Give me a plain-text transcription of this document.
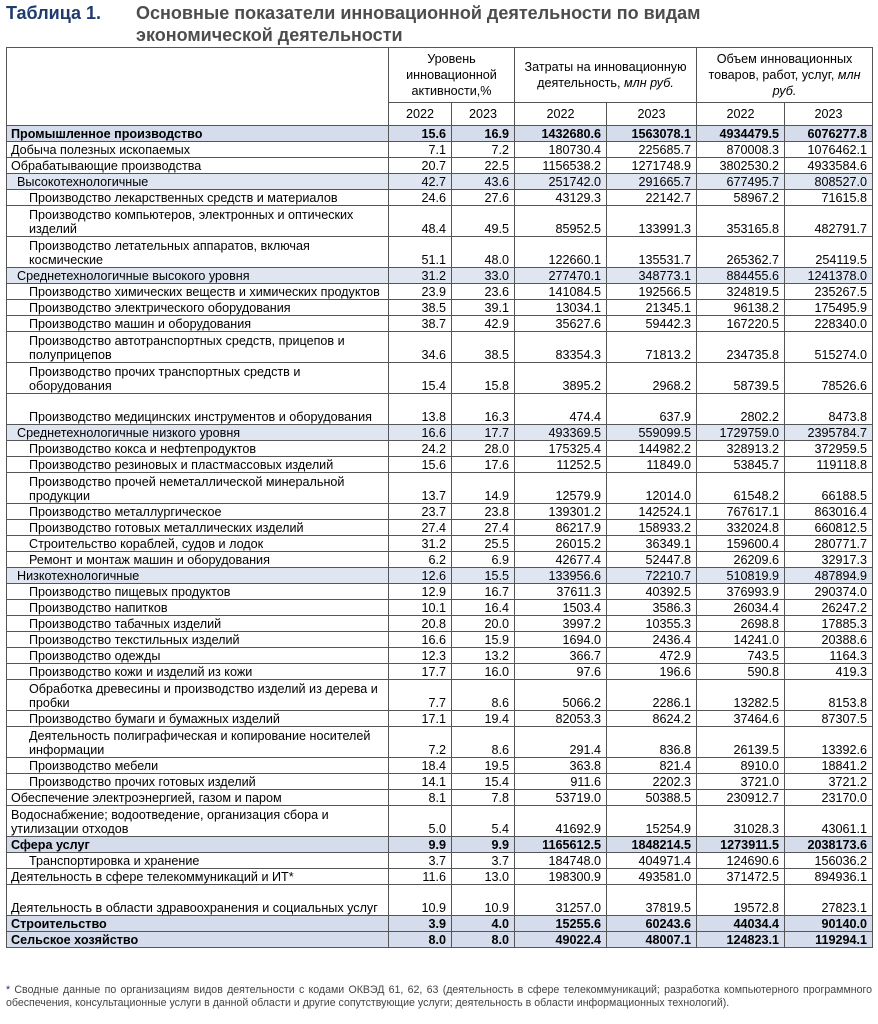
Таблица 1.	Основные показатели инновационной деятельности по видам
экономической деятельности
	Уровень инновационной активности,%		Затраты на инновационную деятельность, млн руб.		Объем инновационных товаров, работ, услуг, млн руб.	
	2022	2023	2022	2023	2022	2023
Промышленное производство	15.6	16.9	1432680.6	1563078.1	4934479.5	6076277.8
Добыча полезных ископаемых	7.1	7.2	180730.4	225685.7	870008.3	1076462.1
Обрабатывающие производства	20.7	22.5	1156538.2	1271748.9	3802530.2	4933584.6
Высокотехнологичные	42.7	43.6	251742.0	291665.7	677495.7	808527.0
Производство лекарственных средств и материалов	24.6	27.6	43129.3	22142.7	58967.2	71615.8
Производство компьютеров, электронных и оптических изделий	48.4	49.5	85952.5	133991.3	353165.8	482791.7
Производство летательных аппаратов, включая космические	51.1	48.0	122660.1	135531.7	265362.7	254119.5
Среднетехнологичные высокого уровня	31.2	33.0	277470.1	348773.1	884455.6	1241378.0
Производство химических веществ и химических продуктов	23.9	23.6	141084.5	192566.5	324819.5	235267.5
Производство электрического оборудования	38.5	39.1	13034.1	21345.1	96138.2	175495.9
Производство машин и оборудования	38.7	42.9	35627.6	59442.3	167220.5	228340.0
Производство автотранспортных средств, прицепов и полуприцепов	34.6	38.5	83354.3	71813.2	234735.8	515274.0
Производство прочих транспортных средств и оборудования	15.4	15.8	3895.2	2968.2	58739.5	78526.6
Производство медицинских инструментов и оборудования	13.8	16.3	474.4	637.9	2802.2	8473.8
Среднетехнологичные низкого уровня	16.6	17.7	493369.5	559099.5	1729759.0	2395784.7
Производство кокса и нефтепродуктов	24.2	28.0	175325.4	144982.2	328913.2	372959.5
Производство резиновых и пластмассовых изделий	15.6	17.6	11252.5	11849.0	53845.7	119118.8
Производство прочей неметаллической минеральной продукции	13.7	14.9	12579.9	12014.0	61548.2	66188.5
Производство металлургическое	23.7	23.8	139301.2	142524.1	767617.1	863016.4
Производство готовых металлических изделий	27.4	27.4	86217.9	158933.2	332024.8	660812.5
Строительство кораблей, судов и лодок	31.2	25.5	26015.2	36349.1	159600.4	280771.7
Ремонт и монтаж машин и оборудования	6.2	6.9	42677.4	52447.8	26209.6	32917.3
Низкотехнологичные	12.6	15.5	133956.6	72210.7	510819.9	487894.9
Производство пищевых продуктов	12.9	16.7	37611.3	40392.5	376993.9	290374.0
Производство напитков	10.1	16.4	1503.4	3586.3	26034.4	26247.2
Производство табачных изделий	20.8	20.0	3997.2	10355.3	2698.8	17885.3
Производство текстильных изделий	16.6	15.9	1694.0	2436.4	14241.0	20388.6
Производство одежды	12.3	13.2	366.7	472.9	743.5	1164.3
Производство кожи и изделий из кожи	17.7	16.0	97.6	196.6	590.8	419.3
Обработка древесины и производство изделий из дерева и пробки	7.7	8.6	5066.2	2286.1	13282.5	8153.8
Производство бумаги и бумажных изделий	17.1	19.4	82053.3	8624.2	37464.6	87307.5
Деятельность полиграфическая и копирование носителей информации	7.2	8.6	291.4	836.8	26139.5	13392.6
Производство мебели	18.4	19.5	363.8	821.4	8910.0	18841.2
Производство прочих готовых изделий	14.1	15.4	911.6	2202.3	3721.0	3721.2
Обеспечение электроэнергией, газом и паром	8.1	7.8	53719.0	50388.5	230912.7	23170.0
Водоснабжение; водоотведение, организация сбора и утилизации отходов	5.0	5.4	41692.9	15254.9	31028.3	43061.1
Сфера услуг	9.9	9.9	1165612.5	1848214.5	1273911.5	2038173.6
Транспортировка и хранение	3.7	3.7	184748.0	404971.4	124690.6	156036.2
Деятельность в сфере телекоммуникаций и ИТ*	11.6	13.0	198300.9	493581.0	371472.5	894936.1
Деятельность в области здравоохранения и социальных услуг	10.9	10.9	31257.0	37819.5	19572.8	27823.1
Строительство	3.9	4.0	15255.6	60243.6	44034.4	90140.0
Сельское хозяйство	8.0	8.0	49022.4	48007.1	124823.1	119294.1
* Сводные данные по организациям видов деятельности с кодами ОКВЭД 61, 62, 63 (деятельность в сфере телекоммуникаций; разработка компьютерного программного обеспечения, консультационные услуги в данной области и другие сопутствующие услуги; деятельность в области информационных технологий).
